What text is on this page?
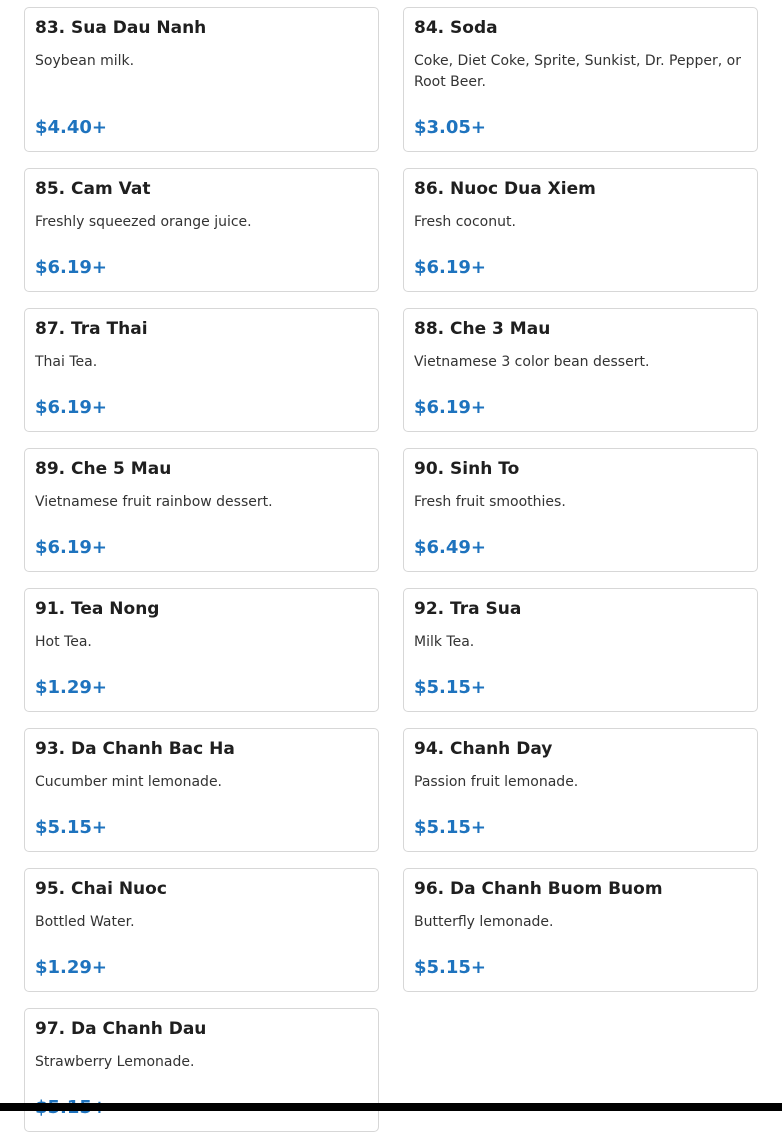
83. Sua Dau Nanh
Soybean milk.
$4.40+
84. Soda
Coke, Diet Coke, Sprite, Sunkist, Dr. Pepper, or Root Beer.
$3.05+
85. Cam Vat
Freshly squeezed orange juice.
$6.19+
86. Nuoc Dua Xiem
Fresh coconut.
$6.19+
87. Tra Thai
Thai Tea.
$6.19+
88. Che 3 Mau
Vietnamese 3 color bean dessert.
$6.19+
89. Che 5 Mau
Vietnamese fruit rainbow dessert.
$6.19+
90. Sinh To
Fresh fruit smoothies.
$6.49+
91. Tea Nong
Hot Tea.
$1.29+
92. Tra Sua
Milk Tea.
$5.15+
93. Da Chanh Bac Ha
Cucumber mint lemonade.
$5.15+
94. Chanh Day
Passion fruit lemonade.
$5.15+
95. Chai Nuoc
Bottled Water.
$1.29+
96. Da Chanh Buom Buom
Butterfly lemonade.
$5.15+
97. Da Chanh Dau
Strawberry Lemonade.
